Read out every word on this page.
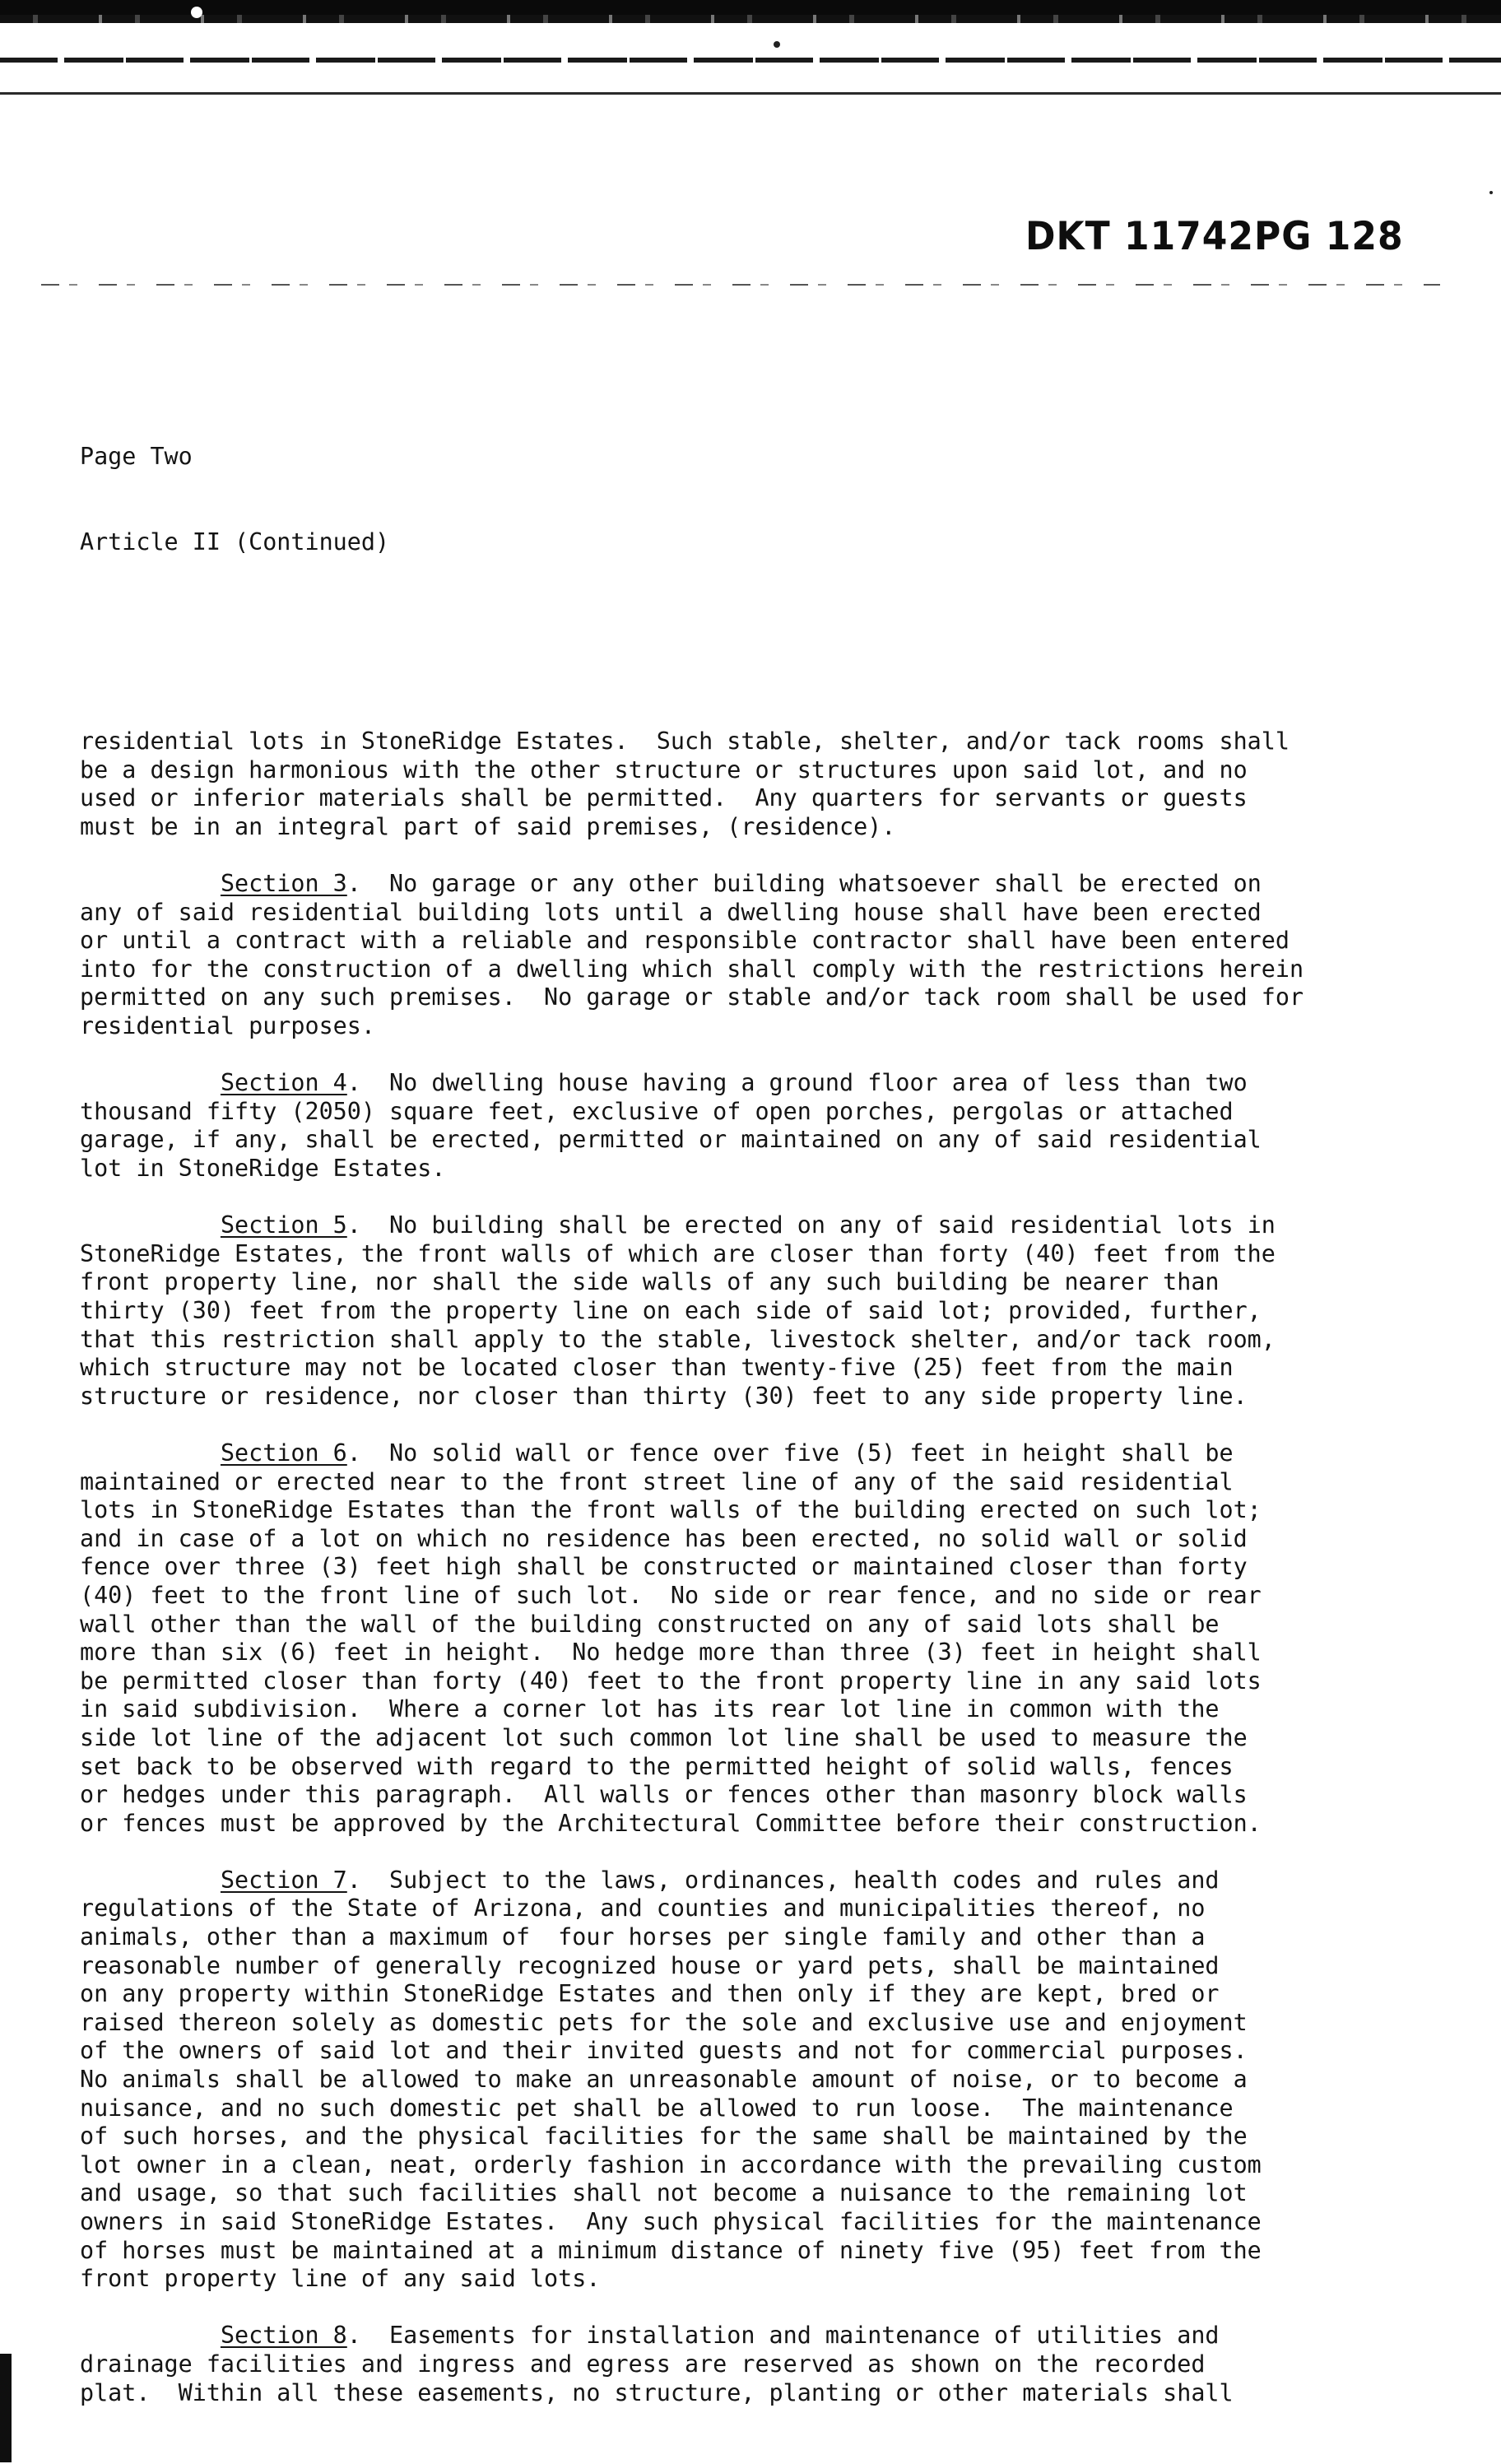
DKT 11742PG 128

Page Two

Article II (Continued)

residential lots in StoneRidge Estates.  Such stable, shelter, and/or tack rooms shall
be a design harmonious with the other structure or structures upon said lot, and no
used or inferior materials shall be permitted.  Any quarters for servants or guests
must be in an integral part of said premises, (residence).
Section 3.  No garage or any other building whatsoever shall be erected on
any of said residential building lots until a dwelling house shall have been erected
or until a contract with a reliable and responsible contractor shall have been entered
into for the construction of a dwelling which shall comply with the restrictions herein
permitted on any such premises.  No garage or stable and/or tack room shall be used for
residential purposes.
Section 4.  No dwelling house having a ground floor area of less than two
thousand fifty (2050) square feet, exclusive of open porches, pergolas or attached
garage, if any, shall be erected, permitted or maintained on any of said residential
lot in StoneRidge Estates.
Section 5.  No building shall be erected on any of said residential lots in
StoneRidge Estates, the front walls of which are closer than forty (40) feet from the
front property line, nor shall the side walls of any such building be nearer than
thirty (30) feet from the property line on each side of said lot; provided, further,
that this restriction shall apply to the stable, livestock shelter, and/or tack room,
which structure may not be located closer than twenty-five (25) feet from the main
structure or residence, nor closer than thirty (30) feet to any side property line.
Section 6.  No solid wall or fence over five (5) feet in height shall be
maintained or erected near to the front street line of any of the said residential
lots in StoneRidge Estates than the front walls of the building erected on such lot;
and in case of a lot on which no residence has been erected, no solid wall or solid
fence over three (3) feet high shall be constructed or maintained closer than forty
(40) feet to the front line of such lot.  No side or rear fence, and no side or rear
wall other than the wall of the building constructed on any of said lots shall be
more than six (6) feet in height.  No hedge more than three (3) feet in height shall
be permitted closer than forty (40) feet to the front property line in any said lots
in said subdivision.  Where a corner lot has its rear lot line in common with the
side lot line of the adjacent lot such common lot line shall be used to measure the
set back to be observed with regard to the permitted height of solid walls, fences
or hedges under this paragraph.  All walls or fences other than masonry block walls
or fences must be approved by the Architectural Committee before their construction.
Section 7.  Subject to the laws, ordinances, health codes and rules and
regulations of the State of Arizona, and counties and municipalities thereof, no
animals, other than a maximum of  four horses per single family and other than a
reasonable number of generally recognized house or yard pets, shall be maintained
on any property within StoneRidge Estates and then only if they are kept, bred or
raised thereon solely as domestic pets for the sole and exclusive use and enjoyment
of the owners of said lot and their invited guests and not for commercial purposes.
No animals shall be allowed to make an unreasonable amount of noise, or to become a
nuisance, and no such domestic pet shall be allowed to run loose.  The maintenance
of such horses, and the physical facilities for the same shall be maintained by the
lot owner in a clean, neat, orderly fashion in accordance with the prevailing custom
and usage, so that such facilities shall not become a nuisance to the remaining lot
owners in said StoneRidge Estates.  Any such physical facilities for the maintenance
of horses must be maintained at a minimum distance of ninety five (95) feet from the
front property line of any said lots.
Section 8.  Easements for installation and maintenance of utilities and
drainage facilities and ingress and egress are reserved as shown on the recorded
plat.  Within all these easements, no structure, planting or other materials shall
